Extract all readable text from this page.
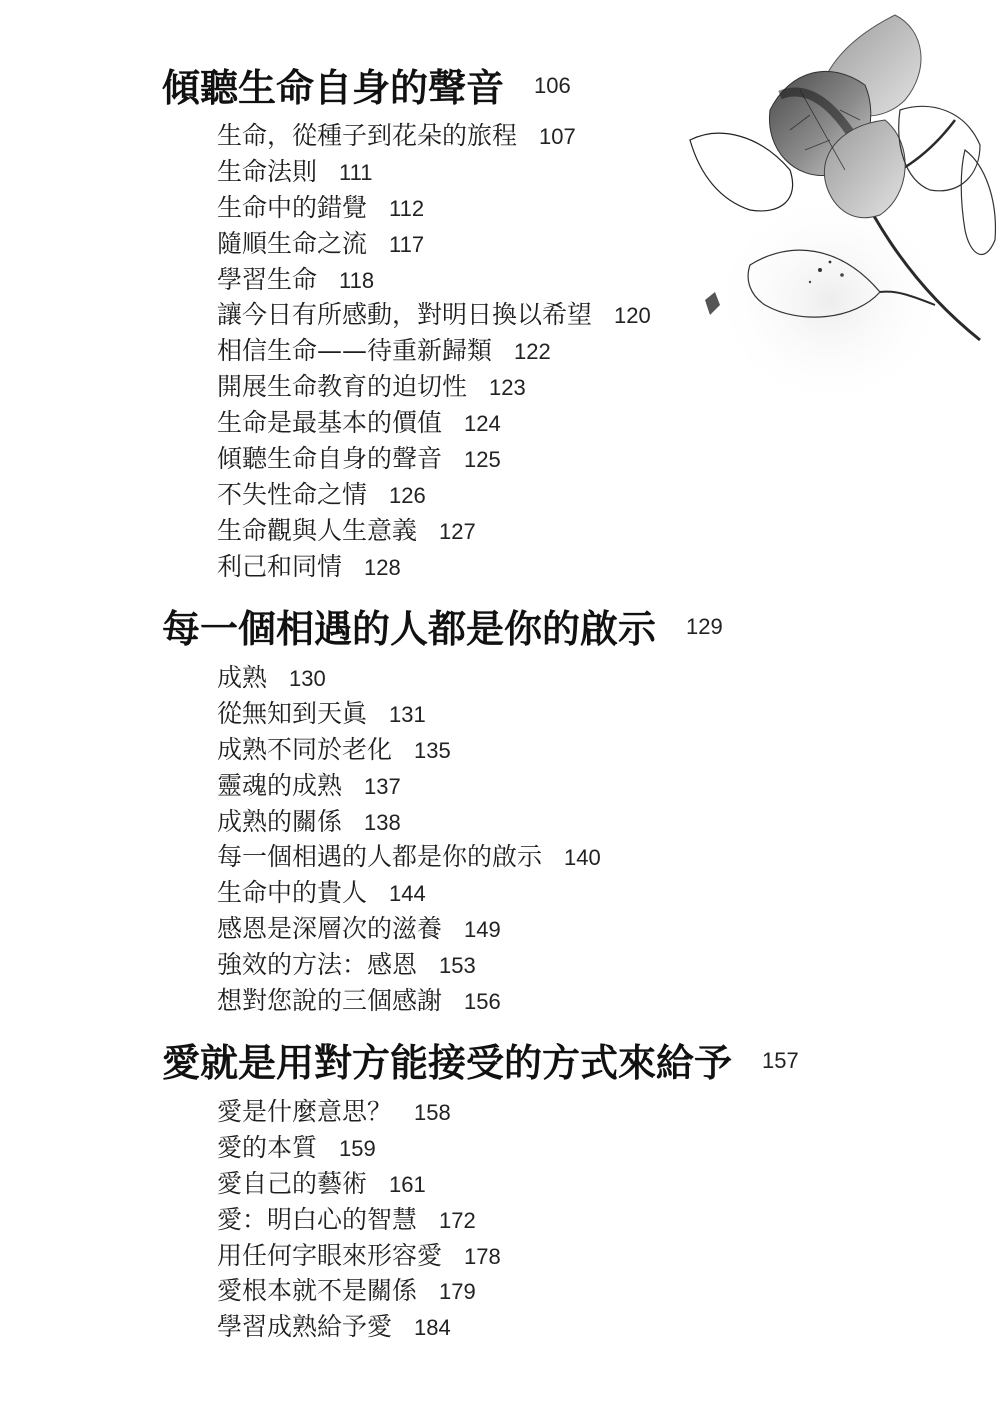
傾聽生命自身的聲音 $^{106}$
生命，從種子到花朵的旅程 107
生命法則 111
生命中的錯覺 112
隨順生命之流 117
學習生命 118
讓今日有所感動，對明日換以希望 120
相信生命——待重新歸類 122
開展生命教育的迫切性 123
生命是最基本的價值 124
傾聽生命自身的聲音 125
不失性命之情 126
生命觀與人生意義 127
利己和同情 128
每一個相遇的人都是你的啟示 $^{129}$
成熟 130
從無知到天眞 131
成熟不同於老化 135
靈魂的成熟 137
成熟的關係 138
每一個相遇的人都是你的啟示 140
生命中的貴人 144
感恩是深層次的滋養 149
強效的方法：感恩 153
想對您說的三個感謝 156
愛就是用對方能接受的方式來給予 $^{157}$
愛是什麼意思？ 158
愛的本質 159
愛自己的藝術 161
愛：明白心的智慧 172
用任何字眼來形容愛 178
愛根本就不是關係 179
學習成熟給予愛 184
